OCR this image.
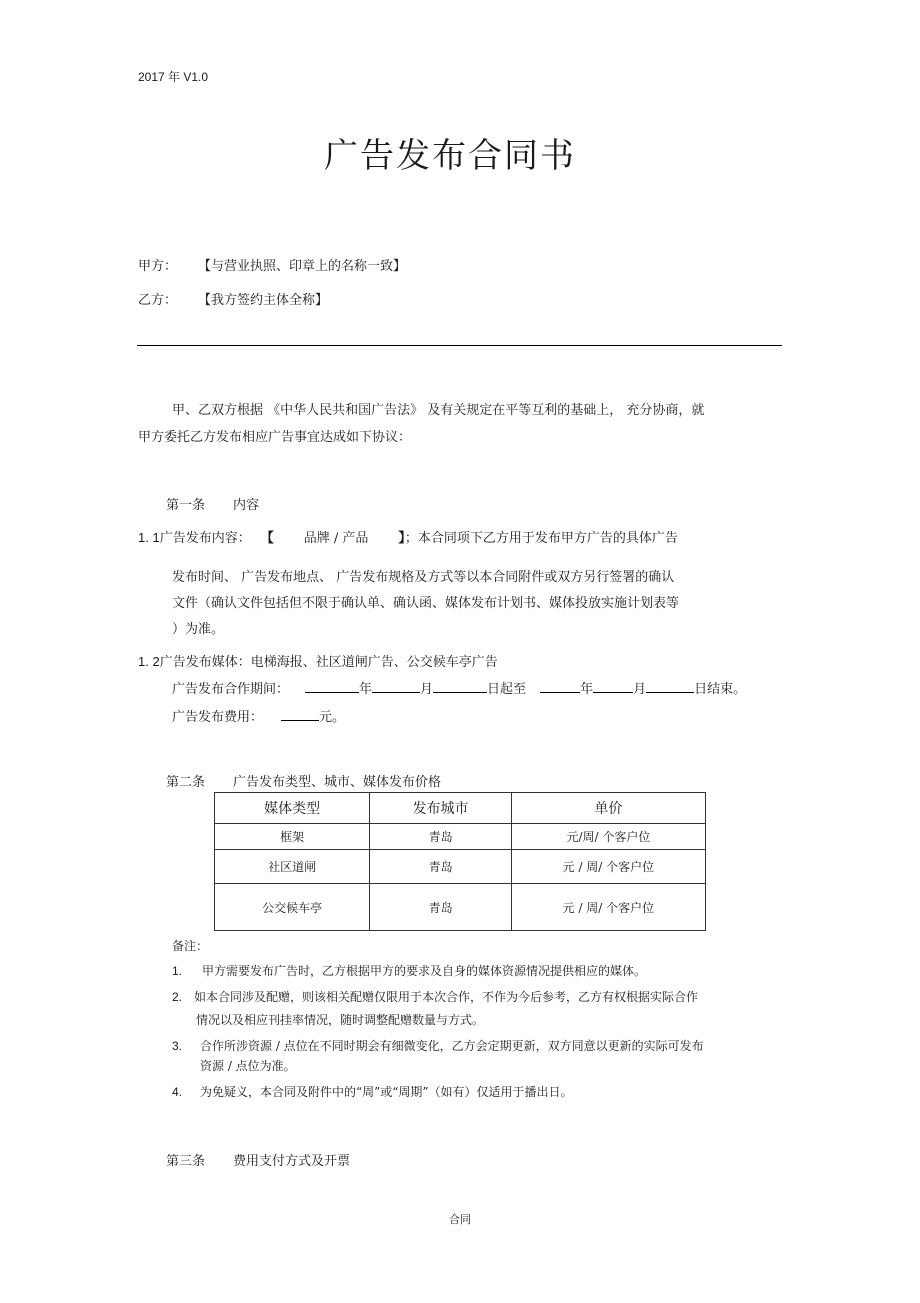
2017 年 V1.0
广告发布合同书
甲方： 【与营业执照、印章上的名称一致】
乙方： 【我方签约主体全称】
甲、乙双方根据 《中华人民共和国广告法》 及有关规定在平等互利的基础上， 充分协商，就
甲方委托乙方发布相应广告事宜达成如下协议：
第一条 内容
1. 1广告发布内容： 【 品牌 / 产品 】；本合同项下乙方用于发布甲方广告的具体广告
发布时间、 广告发布地点、 广告发布规格及方式等以本合同附件或双方另行签署的确认
文件（确认文件包括但不限于确认单、确认函、媒体发布计划书、媒体投放实施计划表等
）为准。
1. 2广告发布媒体：电梯海报、社区道闸广告、公交候车亭广告
广告发布合作期间：	年	月	日起至	年	月	日结束。
广告发布费用：	元。
第二条 广告发布类型、城市、媒体发布价格
媒体类型	发布城市	单价
框架	青岛	元/周/ 个客户位
社区道闸	青岛	元 / 周/ 个客户位
公交候车亭	青岛	元 / 周/ 个客户位
备注：
1. 甲方需要发布广告时，乙方根据甲方的要求及自身的媒体资源情况提供相应的媒体。
2. 如本合同涉及配赠，则该相关配赠仅限用于本次合作，不作为今后参考，乙方有权根据实际合作
情况以及相应刊挂率情况，随时调整配赠数量与方式。
3. 合作所涉资源 / 点位在不同时期会有细微变化，乙方会定期更新，双方同意以更新的实际可发布
资源 / 点位为准。
4. 为免疑义，本合同及附件中的“周”或“周期”（如有）仅适用于播出日。
第三条 费用支付方式及开票
合同
